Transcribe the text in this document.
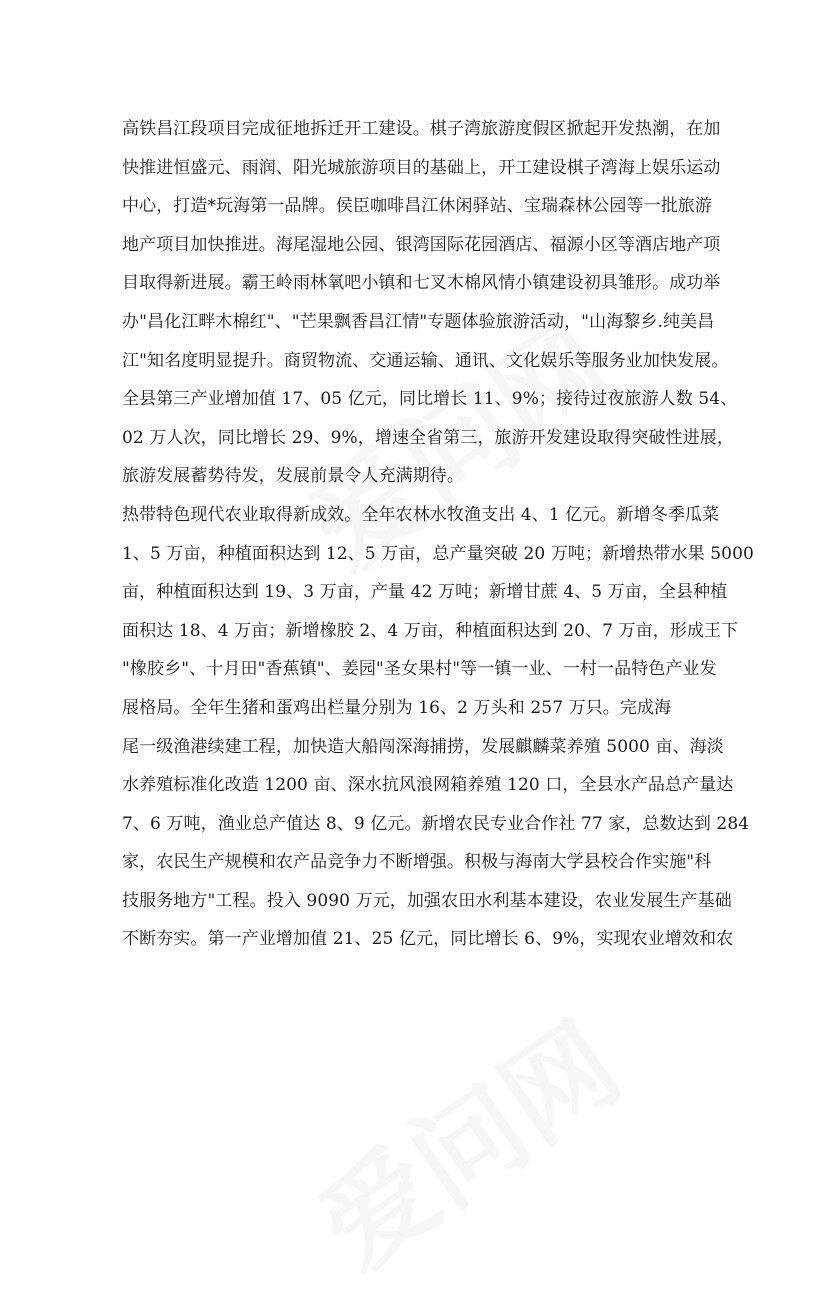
高铁昌江段项目完成征地拆迁开工建设。棋子湾旅游度假区掀起开发热潮，在加
快推进恒盛元、雨润、阳光城旅游项目的基础上，开工建设棋子湾海上娱乐运动
中心，打造*玩海第一品牌。侯臣咖啡昌江休闲驿站、宝瑞森林公园等一批旅游
地产项目加快推进。海尾湿地公园、银湾国际花园酒店、福源小区等酒店地产项
目取得新进展。霸王岭雨林氧吧小镇和七叉木棉风情小镇建设初具雏形。成功举
办"昌化江畔木棉红"、"芒果飘香昌江情"专题体验旅游活动，"山海黎乡.纯美昌
江"知名度明显提升。商贸物流、交通运输、通讯、文化娱乐等服务业加快发展。
全县第三产业增加值 17、05 亿元，同比增长 11、9%；接待过夜旅游人数 54、
02 万人次，同比增长 29、9%，增速全省第三，旅游开发建设取得突破性进展，
旅游发展蓄势待发，发展前景令人充满期待。
热带特色现代农业取得新成效。全年农林水牧渔支出 4、1 亿元。新增冬季瓜菜
1、5 万亩，种植面积达到 12、5 万亩，总产量突破 20 万吨；新增热带水果 5000
亩，种植面积达到 19、3 万亩，产量 42 万吨；新增甘蔗 4、5 万亩，全县种植
面积达 18、4 万亩；新增橡胶 2、4 万亩，种植面积达到 20、7 万亩，形成王下
"橡胶乡"、十月田"香蕉镇"、姜园"圣女果村"等一镇一业、一村一品特色产业发
展格局。全年生猪和蛋鸡出栏量分别为 16、2 万头和 257 万只。完成海
尾一级渔港续建工程，加快造大船闯深海捕捞，发展麒麟菜养殖 5000 亩、海淡
水养殖标准化改造 1200 亩、深水抗风浪网箱养殖 120 口，全县水产品总产量达
7、6 万吨，渔业总产值达 8、9 亿元。新增农民专业合作社 77 家，总数达到 284
家，农民生产规模和农产品竞争力不断增强。积极与海南大学县校合作实施"科
技服务地方"工程。投入 9090 万元，加强农田水利基本建设，农业发展生产基础
不断夯实。第一产业增加值 21、25 亿元，同比增长 6、9%，实现农业增效和农
